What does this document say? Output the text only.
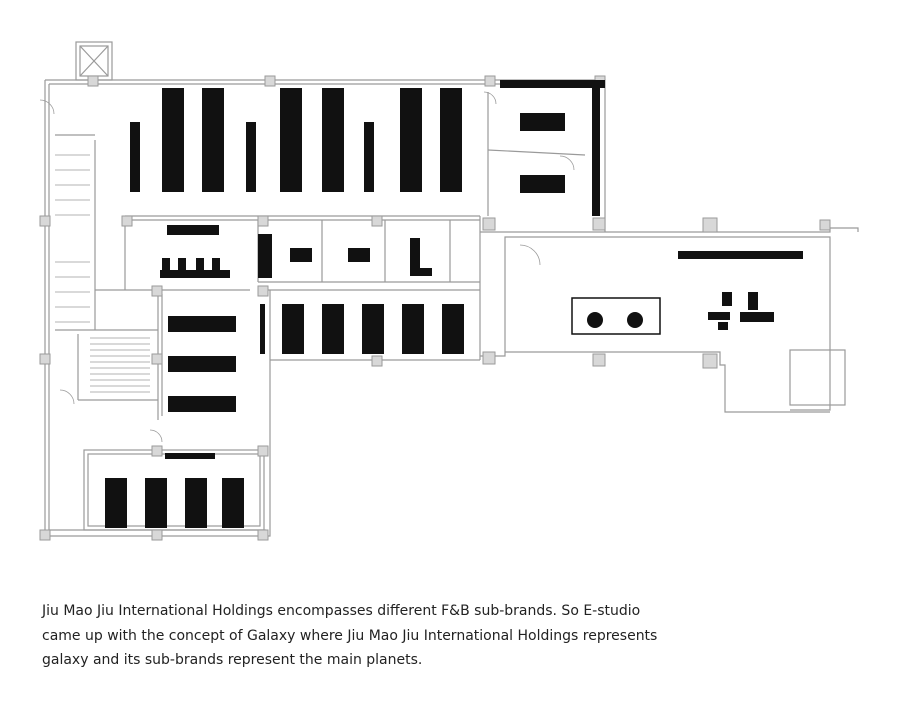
Jiu Mao Jiu International Holdings encompasses different F&B sub-brands. So E-studio
came up with the concept of Galaxy where Jiu Mao Jiu International Holdings represents
galaxy and its sub-brands represent the main planets.
